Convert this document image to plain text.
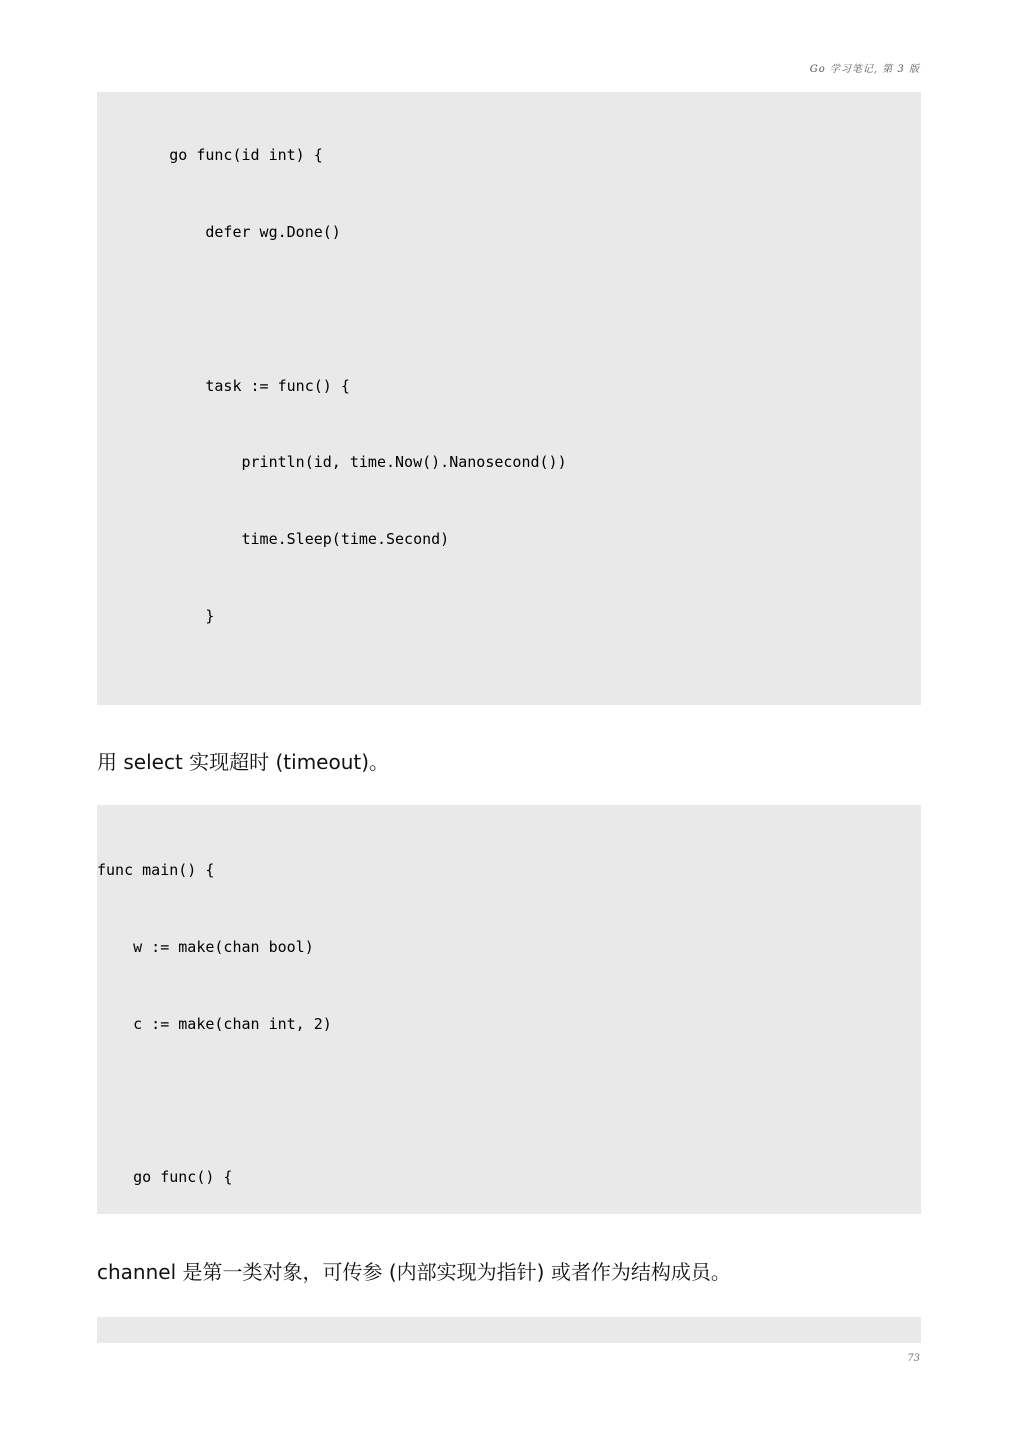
Go 学习笔记, 第 3 版

go func(id int) {

defer wg.Done()

task := func() {

println(id, time.Now().Nanosecond())

time.Sleep(time.Second)

}

用 select 实现超时 (timeout)。

func main() {

w := make(chan bool)

c := make(chan int, 2)

go func() {

channel 是第一类对象，可传参 (内部实现为指针) 或者作为结构成员。

73
